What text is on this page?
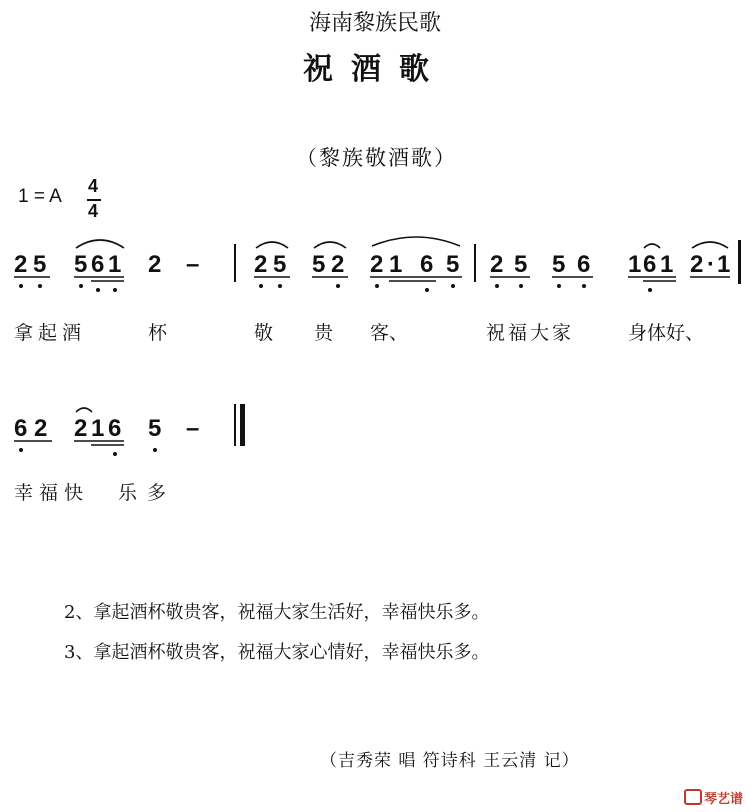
海南黎族民歌
祝酒歌
（黎族敬酒歌）
1 = A 4
4
2 5 5 6 1 2 – 2 5 5 2 2 1 6 5 2 5 5 6 1 6 1 2 · 1
拿起酒	杯	敬 贵 客、	祝福大家	身体好、
6 2 2 1 6 5 –
幸福快 乐多
2、拿起酒杯敬贵客，祝福大家生活好，幸福快乐多。
3、拿起酒杯敬贵客，祝福大家心情好，幸福快乐多。
（吉秀荣 唱 符诗科 王云清 记）
琴艺谱
